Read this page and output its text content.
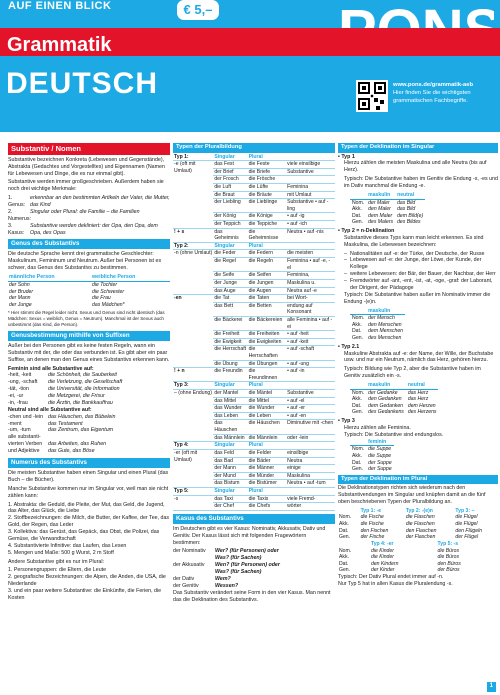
AUF EINEN BLICK	€ 5,–
Grammatik
DEUTSCH	www.pons.de/grammatik-aeb
Hier finden Sie die wichtigsten
grammatischen Fachbegriffe.
Substantiv / Nomen
Substantive bezeichnen Konkreta (Lebewesen und Gegenstände), Abstrakta (Gedachtes und Vorgestelltes) und Eigennamen (Namen für Lebewesen und Dinge, die es nur einmal gibt).
Substantive werden immer großgeschrieben. Außerdem haben sie noch drei wichtige Merkmale:
1. Genus:
erkennbar an den bestimmten Artikeln der Vater, die Mutter, das Kind
2. Numerus:
Singular oder Plural: die Familie – die Familien
3. Kasus:
Substantive werden dekliniert: der Opa, den Opa, dem Opa, des Opas
Genus des Substantivs
Die deutsche Sprache kennt drei grammatische Geschlechter: Maskulinum, Femininum und Neutrum. Außer bei Personen ist es schwer, das Genus des Substantivs zu bestimmen.
männliche Person	weibliche Person
der Sohn	die Tochter
der Bruder	die Schwester
der Mann	die Frau
der Junge	das Mädchen*
* Hier stimmt die Regel leider nicht. Sexus und Genus sind nicht identisch (das Mädchen: Sexus = weiblich, Genus = Neutrum). Manchmal ist der Sexus auch unbestimmt (das Kind, die Person).
Genusbestimmung mithilfe von Suffixen
Außer bei den Personen gibt es keine festen Regeln, wann ein Substantiv mit der, die oder das verbunden ist. Es gibt aber ein paar Suffixe, an denen man den Genus eines Substantivs erkennen kann.
Feminin sind alle Substantive auf:
-heit, -keit	die Schönheit, die Sauberkeit
-ung, -schaft	die Verletzung, die Gesellschaft
-tät, -tion	die Universität, die Information
-ei, -ur	die Metzgerei, die Frisur
-in, -frau	die Ärztin, die Bankkauffrau
Neutral sind alle Substantive auf:
-chen und -lein das Häuschen, das Bübelein
-ment	das Testament
-um, -tum	das Zentrum, das Eigentum
alle substanti-
vierten Verben	das Arbeiten, das Ruhen
und Adjektive	das Gute, das Böse
Numerus des Substantivs
Die meisten Substantive haben einen Singular und einen Plural (das Buch – die Bücher).
Manche Substantive kommen nur im Singular vor, weil man sie nicht zählen kann:
1. Abstrakta: die Geduld, die Pleite, der Mut, das Geld, die Jugend, das Alter, das Glück, die Liebe
2. Stoffbezeichnungen: die Milch, die Butter, der Kaffee, der Tee, das Gold, der Regen, das Leder
3. Kollektiva: das Gerüst, das Gepäck, das Obst, die Polizei, das Gemüse, die Verwandtschaft
4. Substantivierte Infinitive: das Laufen, das Lesen
5. Mengen und Maße: 500 g Wurst, 2 m Stoff
Andere Substantive gibt es nur im Plural:
1. Personengruppen: die Eltern, die Leute
2. geografische Bezeichnungen: die Alpen, die Anden, die USA, die Niederlande
3. und ein paar weitere Substantive: die Einkünfte, die Ferien, die Kosten
Typen der Pluralbildung
Typ 1:	Singular	Plural	
-e (oft mit Umlaut)	das Fest	die Feste	viele einsilbige
	der Brief	die Briefe	Substantive
	der Frosch	die Frösche	
	die Luft	die Lüfte	Feminina
	die Braut	die Bräute	mit Umlaut
	der Liebling	die Lieblinge	Substantive • auf -ling
	der König	die Könige	• auf -ig
	der Teppich	die Teppiche	• auf -ich
! + s	das Geheimnis	die Geheimnisse	Neutra • auf -nis
Typ 2:	Singular	Plural	
-n (ohne Umlaut)	die Feder	die Federn	die meisten
	die Regel	die Regeln	Feminina • auf -e, -el
	die Seife	die Seifen	Feminina,
	der Junge	die Jungen	Maskulina u.
	das Auge	die Augen	Neutra auf -e
-en	die Tat	die Taten	bei Wort-
	das Bett	die Betten	endung auf Konsonant
	die Bäckerei	die Bäckereien	alle Feminina • auf -ei
	die Freiheit	die Freiheiten	• auf -heit
	die Ewigkeit	die Ewigkeiten	• auf -keit
	die Herrschaft	die Herrschaften	• auf -schaft
	die Übung	die Übungen	• auf -ung
! + n	die Freundin	die Freundinnen	• auf -in
Typ 3:	Singular	Plural	
– (ohne Endung)	der Mantel	die Mäntel	Substantive
	das Mittel	die Mittel	• auf -el
	das Wunder	die Wunder	• auf -er
	das Leben	die Leben	• auf -en
	das Häuschen	die Häuschen	Diminutive mit -chen
	das Männlein	die Männlein	oder -lein
Typ 4:	Singular	Plural	
-er (oft mit Umlaut)	das Feld	die Felder	einsilbige
	das Bad	die Bäder	Neutra
	der Mann	die Männer	einige
	der Mund	die Münder	Maskulina
	das Bistum	die Bistümer	Neutra • auf -tum
Typ 5:	Singular	Plural	
-s	das Taxi	die Taxis	viele Fremd-
	der Chef	die Chefs	wörter
Kasus des Substantivs
Im Deutschen gibt es vier Kasus: Nominativ, Akkusativ, Dativ und Genitiv. Der Kasus lässt sich mit folgenden Fragewörtern bestimmen:
der Nominativ	Wer? (für Personen) oder
Was? (für Sachen)
der Akkusativ	Wen? (für Personen) oder
Was? (für Sachen)
der Dativ	Wem?
der Genitiv	Wessen?
Das Substantiv verändert seine Form in den vier Kasus. Man nennt das die Deklination des Substantivs.
Typen der Deklination im Singular
• Typ 1
Hierzu zählen die meisten Maskulina und alle Neutra (bis auf Herz).
Typisch: Die Substantive haben im Genitiv die Endung -s, -es und im Dativ manchmal die Endung -e.
	maskulin	neutral
Nom.	der Maler	das Bild
Akk.	den Maler	das Bild
Dat.	dem Maler	dem Bild(e)
Gen.	des Malers	des Bildes
• Typ 2 = n-Deklination
Substantive dieses Typs kann man leicht erkennen. Es sind Maskulina, die Lebewesen bezeichnen:
– Nationalitäten auf -e: der Türke, der Deutsche, der Russe
– Lebewesen auf -e: der Junge, der Löwe, der Kunde, der Kollege
– weitere Lebewesen: der Bär, der Bauer, der Nachbar, der Herr
– Fremdwörter auf -ant, -ent, -ist, -at, -oge, -graf: der Laborant, der Dirigent, der Pädagoge
Typisch: Die Substantive haben außer im Nominativ immer die Endung -(e)n.
	maskulin
Nom.	der Mensch
Akk.	den Menschen
Dat.	dem Menschen
Gen.	des Menschen
• Typ 2.1
Maskuline Abstrakta auf -e: der Name, der Wille, der Buchstabe usw. und nur ein Neutrum, nämlich das Herz, gehören hierzu.
Typisch: Bildung wie Typ 2, aber die Substantive haben im Genitiv zusätzlich ein -s.
	maskulin	neutral
Nom.	der Gedanke	das Herz
Akk.	den Gedanken	das Herz
Dat.	dem Gedanken	dem Herzen
Gen.	des Gedankens	des Herzens
• Typ 3
Hierzu zählen alle Feminina.
Typisch: Die Substantive sind endungslos.
	feminin
Nom.	die Suppe
Akk.	die Suppe
Dat.	der Suppe
Gen.	der Suppe
Typen der Deklination im Plural
Die Deklinationstypen richten sich wiederum nach den Substantivendungen im Singular und knüpfen damit an die fünf oben beschriebenen Typen der Pluralbildung an.
	Typ 1: -e	Typ 2: -(e)n	Typ 3: –
Nom.	die Fische	die Flaschen	die Flügel
Akk.	die Fische	die Flaschen	die Flügel
Dat.	den Fischen	den Flaschen	den Flügeln
Gen.	der Fische	der Flaschen	der Flügel
	Typ 4: -er	Typ 5: -s	
Nom.	die Kinder	die Büros	
Akk.	die Kinder	die Büros	
Dat.	den Kindern	den Büros	
Gen.	der Kinder	der Büros	
Typisch: Der Dativ Plural endet immer auf -n.
Nur Typ 5 hat in allen Kasus die Pluralendung -s.
1
